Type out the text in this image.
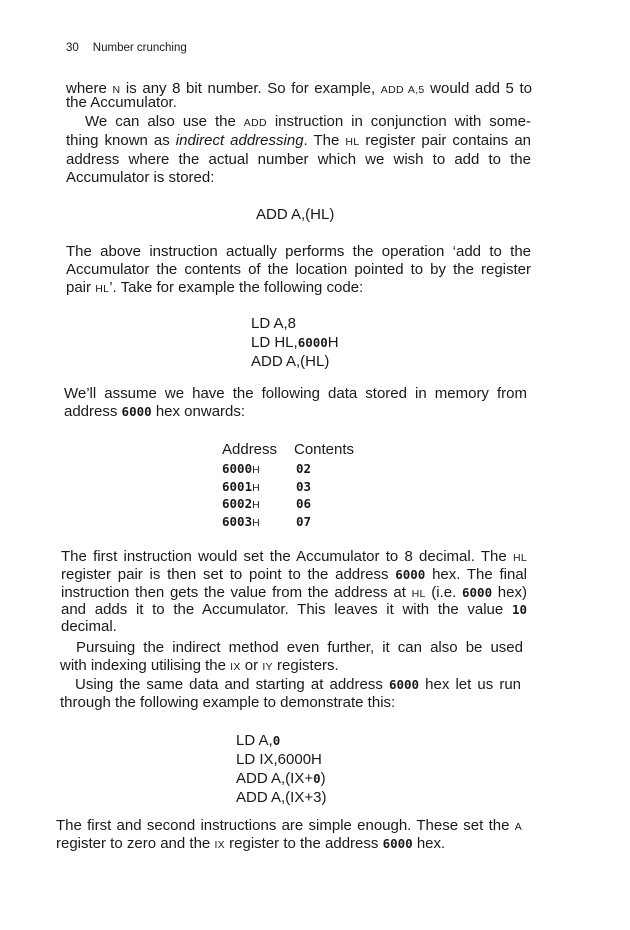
30 Number crunching

where N is any 8 bit number. So for example, ADD A,5 would add 5 to

the Accumulator.

We can also use the ADD instruction in conjunction with some-

thing known as indirect addressing. The HL register pair contains an

address where the actual number which we wish to add to the

Accumulator is stored:

ADD A,(HL)

The above instruction actually performs the operation ‘add to the

Accumulator the contents of the location pointed to by the register

pair HL’. Take for example the following code:

LD A,8
LD HL,6000H
ADD A,(HL)

We’ll assume we have the following data stored in memory from

address 6000 hex onwards:

Address	Contents
6000H	02
6001H	03
6002H	06
6003H	07

The first instruction would set the Accumulator to 8 decimal. The HL

register pair is then set to point to the address 6000 hex. The final

instruction then gets the value from the address at HL (i.e. 6000 hex)

and adds it to the Accumulator. This leaves it with the value 10

decimal.

Pursuing the indirect method even further, it can also be used

with indexing utilising the IX or IY registers.

Using the same data and starting at address 6000 hex let us run

through the following example to demonstrate this:

LD A,0
LD IX,6000H
ADD A,(IX+0)
ADD A,(IX+3)

The first and second instructions are simple enough. These set the A

register to zero and the IX register to the address 6000 hex.
